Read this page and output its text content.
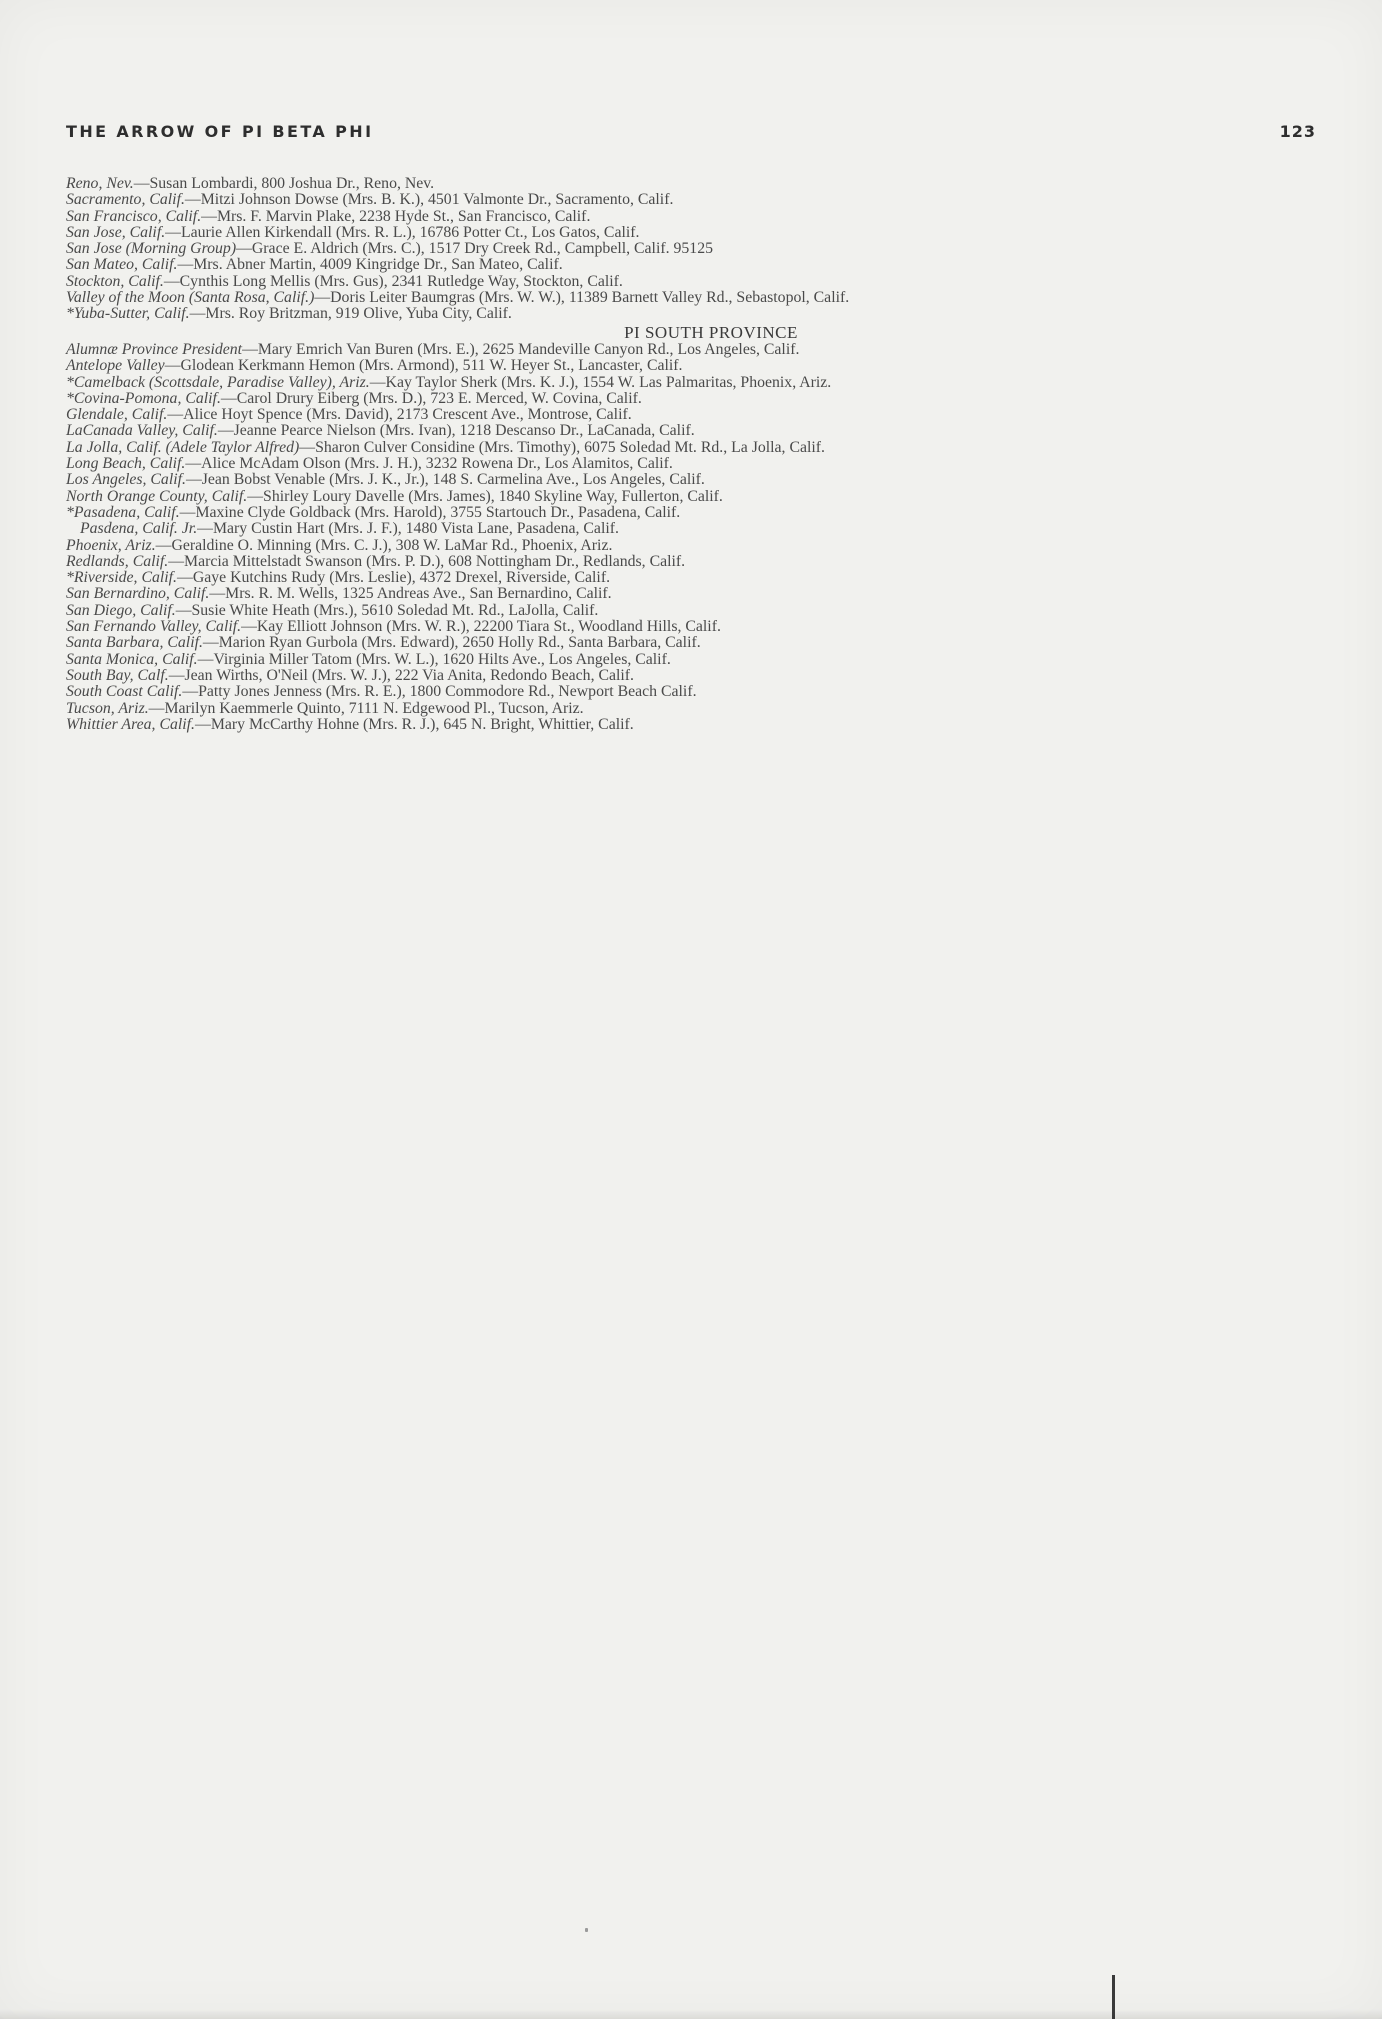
THE ARROW OF PI BETA PHI	123
Reno, Nev.—Susan Lombardi, 800 Joshua Dr., Reno, Nev.
Sacramento, Calif.—Mitzi Johnson Dowse (Mrs. B. K.), 4501 Valmonte Dr., Sacramento, Calif.
San Francisco, Calif.—Mrs. F. Marvin Plake, 2238 Hyde St., San Francisco, Calif.
San Jose, Calif.—Laurie Allen Kirkendall (Mrs. R. L.), 16786 Potter Ct., Los Gatos, Calif.
San Jose (Morning Group)—Grace E. Aldrich (Mrs. C.), 1517 Dry Creek Rd., Campbell, Calif. 95125
San Mateo, Calif.—Mrs. Abner Martin, 4009 Kingridge Dr., San Mateo, Calif.
Stockton, Calif.—Cynthis Long Mellis (Mrs. Gus), 2341 Rutledge Way, Stockton, Calif.
Valley of the Moon (Santa Rosa, Calif.)—Doris Leiter Baumgras (Mrs. W. W.), 11389 Barnett Valley Rd., Sebastopol, Calif.
*Yuba-Sutter, Calif.—Mrs. Roy Britzman, 919 Olive, Yuba City, Calif.
PI SOUTH PROVINCE
Alumnæ Province President—Mary Emrich Van Buren (Mrs. E.), 2625 Mandeville Canyon Rd., Los Angeles, Calif.
Antelope Valley—Glodean Kerkmann Hemon (Mrs. Armond), 511 W. Heyer St., Lancaster, Calif.
*Camelback (Scottsdale, Paradise Valley), Ariz.—Kay Taylor Sherk (Mrs. K. J.), 1554 W. Las Palmaritas, Phoenix, Ariz.
*Covina-Pomona, Calif.—Carol Drury Eiberg (Mrs. D.), 723 E. Merced, W. Covina, Calif.
Glendale, Calif.—Alice Hoyt Spence (Mrs. David), 2173 Crescent Ave., Montrose, Calif.
LaCanada Valley, Calif.—Jeanne Pearce Nielson (Mrs. Ivan), 1218 Descanso Dr., LaCanada, Calif.
La Jolla, Calif. (Adele Taylor Alfred)—Sharon Culver Considine (Mrs. Timothy), 6075 Soledad Mt. Rd., La Jolla, Calif.
Long Beach, Calif.—Alice McAdam Olson (Mrs. J. H.), 3232 Rowena Dr., Los Alamitos, Calif.
Los Angeles, Calif.—Jean Bobst Venable (Mrs. J. K., Jr.), 148 S. Carmelina Ave., Los Angeles, Calif.
North Orange County, Calif.—Shirley Loury Davelle (Mrs. James), 1840 Skyline Way, Fullerton, Calif.
*Pasadena, Calif.—Maxine Clyde Goldback (Mrs. Harold), 3755 Startouch Dr., Pasadena, Calif.
Pasdena, Calif. Jr.—Mary Custin Hart (Mrs. J. F.), 1480 Vista Lane, Pasadena, Calif.
Phoenix, Ariz.—Geraldine O. Minning (Mrs. C. J.), 308 W. LaMar Rd., Phoenix, Ariz.
Redlands, Calif.—Marcia Mittelstadt Swanson (Mrs. P. D.), 608 Nottingham Dr., Redlands, Calif.
*Riverside, Calif.—Gaye Kutchins Rudy (Mrs. Leslie), 4372 Drexel, Riverside, Calif.
San Bernardino, Calif.—Mrs. R. M. Wells, 1325 Andreas Ave., San Bernardino, Calif.
San Diego, Calif.—Susie White Heath (Mrs.), 5610 Soledad Mt. Rd., LaJolla, Calif.
San Fernando Valley, Calif.—Kay Elliott Johnson (Mrs. W. R.), 22200 Tiara St., Woodland Hills, Calif.
Santa Barbara, Calif.—Marion Ryan Gurbola (Mrs. Edward), 2650 Holly Rd., Santa Barbara, Calif.
Santa Monica, Calif.—Virginia Miller Tatom (Mrs. W. L.), 1620 Hilts Ave., Los Angeles, Calif.
South Bay, Calf.—Jean Wirths, O'Neil (Mrs. W. J.), 222 Via Anita, Redondo Beach, Calif.
South Coast Calif.—Patty Jones Jenness (Mrs. R. E.), 1800 Commodore Rd., Newport Beach Calif.
Tucson, Ariz.—Marilyn Kaemmerle Quinto, 7111 N. Edgewood Pl., Tucson, Ariz.
Whittier Area, Calif.—Mary McCarthy Hohne (Mrs. R. J.), 645 N. Bright, Whittier, Calif.
